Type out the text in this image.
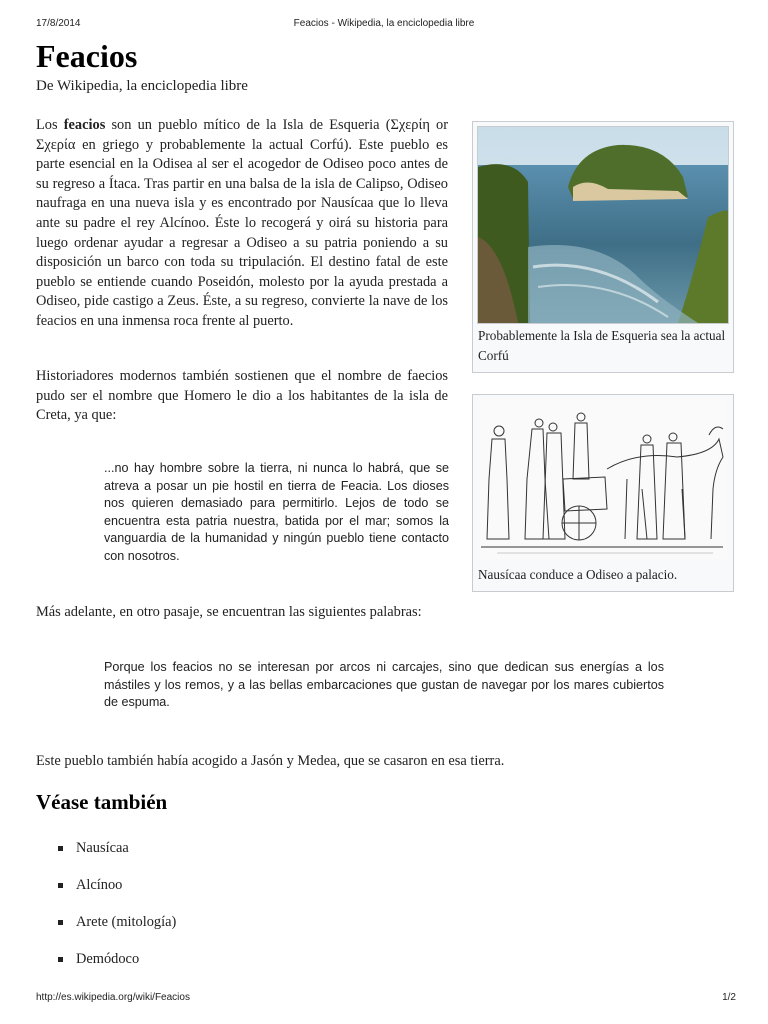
17/8/2014	Feacios - Wikipedia, la enciclopedia libre
Feacios
De Wikipedia, la enciclopedia libre

Los feacios son un pueblo mítico de la Isla de Esqueria (Σχερίη or Σχερία en griego y probablemente la actual Corfú). Este pueblo es parte esencial en la Odisea al ser el acogedor de Odiseo poco antes de su regreso a Ítaca. Tras partir en una balsa de la isla de Calipso, Odiseo naufraga en una nueva isla y es encontrado por Nausícaa que lo lleva ante su padre el rey Alcínoo. Éste lo recogerá y oirá su historia para luego ordenar ayudar a regresar a Odiseo a su patria poniendo a su disposición un barco con toda su tripulación. El destino fatal de este pueblo se entiende cuando Poseidón, molesto por la ayuda prestada a Odiseo, pide castigo a Zeus. Éste, a su regreso, convierte la nave de los feacios en una inmensa roca frente al puerto.

Probablemente la Isla de Esqueria sea la actual Corfú

Historiadores modernos también sostienen que el nombre de faecios pudo ser el nombre que Homero le dio a los habitantes de la isla de Creta, ya que:

...no hay hombre sobre la tierra, ni nunca lo habrá, que se atreva a posar un pie hostil en tierra de Feacia. Los dioses nos quieren demasiado para permitirlo. Lejos de todo se encuentra esta patria nuestra, batida por el mar; somos la vanguardia de la humanidad y ningún pueblo tiene contacto con nosotros.

Nausícaa conduce a Odiseo a palacio.

Más adelante, en otro pasaje, se encuentran las siguientes palabras:

Porque los feacios no se interesan por arcos ni carcajes, sino que dedican sus energías a los mástiles y los remos, y a las bellas embarcaciones que gustan de navegar por los mares cubiertos de espuma.

Este pueblo también había acogido a Jasón y Medea, que se casaron en esa tierra.

Véase también
Nausícaa
Alcínoo
Arete (mitología)
Demódoco
http://es.wikipedia.org/wiki/Feacios	1/2
